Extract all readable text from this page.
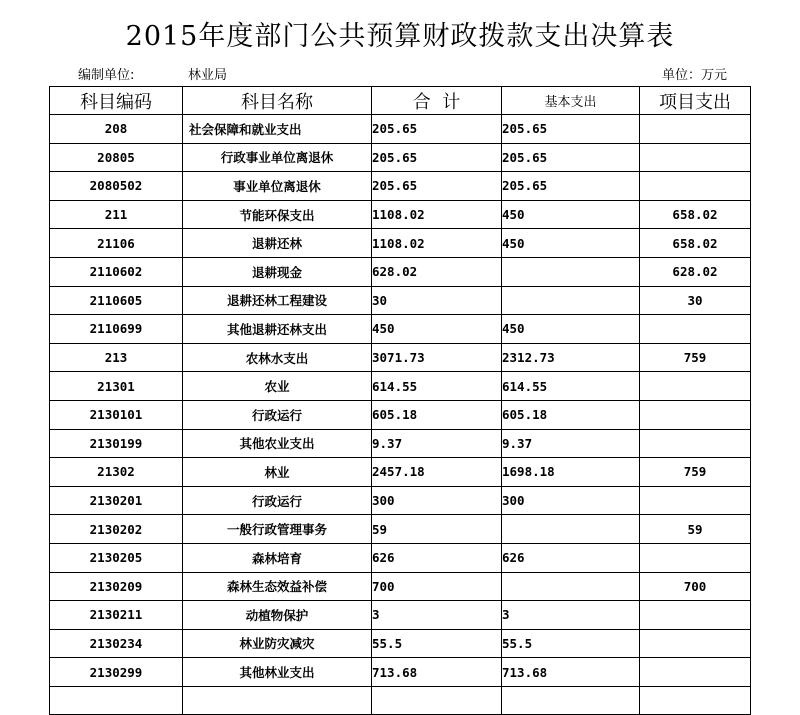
2015年度部门公共预算财政拨款支出决算表
编制单位:	林业局	单位：万元
科目编码	科目名称	合  计	基本支出	项目支出
208	社会保障和就业支出	205.65	205.65	
20805	行政事业单位离退休	205.65	205.65	
2080502	事业单位离退休	205.65	205.65	
211	节能环保支出	1108.02	450	658.02
21106	退耕还林	1108.02	450	658.02
2110602	退耕现金	628.02		628.02
2110605	退耕还林工程建设	30		30
2110699	其他退耕还林支出	450	450	
213	农林水支出	3071.73	2312.73	759
21301	农业	614.55	614.55	
2130101	行政运行	605.18	605.18	
2130199	其他农业支出	9.37	9.37	
21302	林业	2457.18	1698.18	759
2130201	行政运行	300	300	
2130202	一般行政管理事务	59		59
2130205	森林培育	626	626	
2130209	森林生态效益补偿	700		700
2130211	动植物保护	3	3	
2130234	林业防灾减灾	55.5	55.5	
2130299	其他林业支出	713.68	713.68	
